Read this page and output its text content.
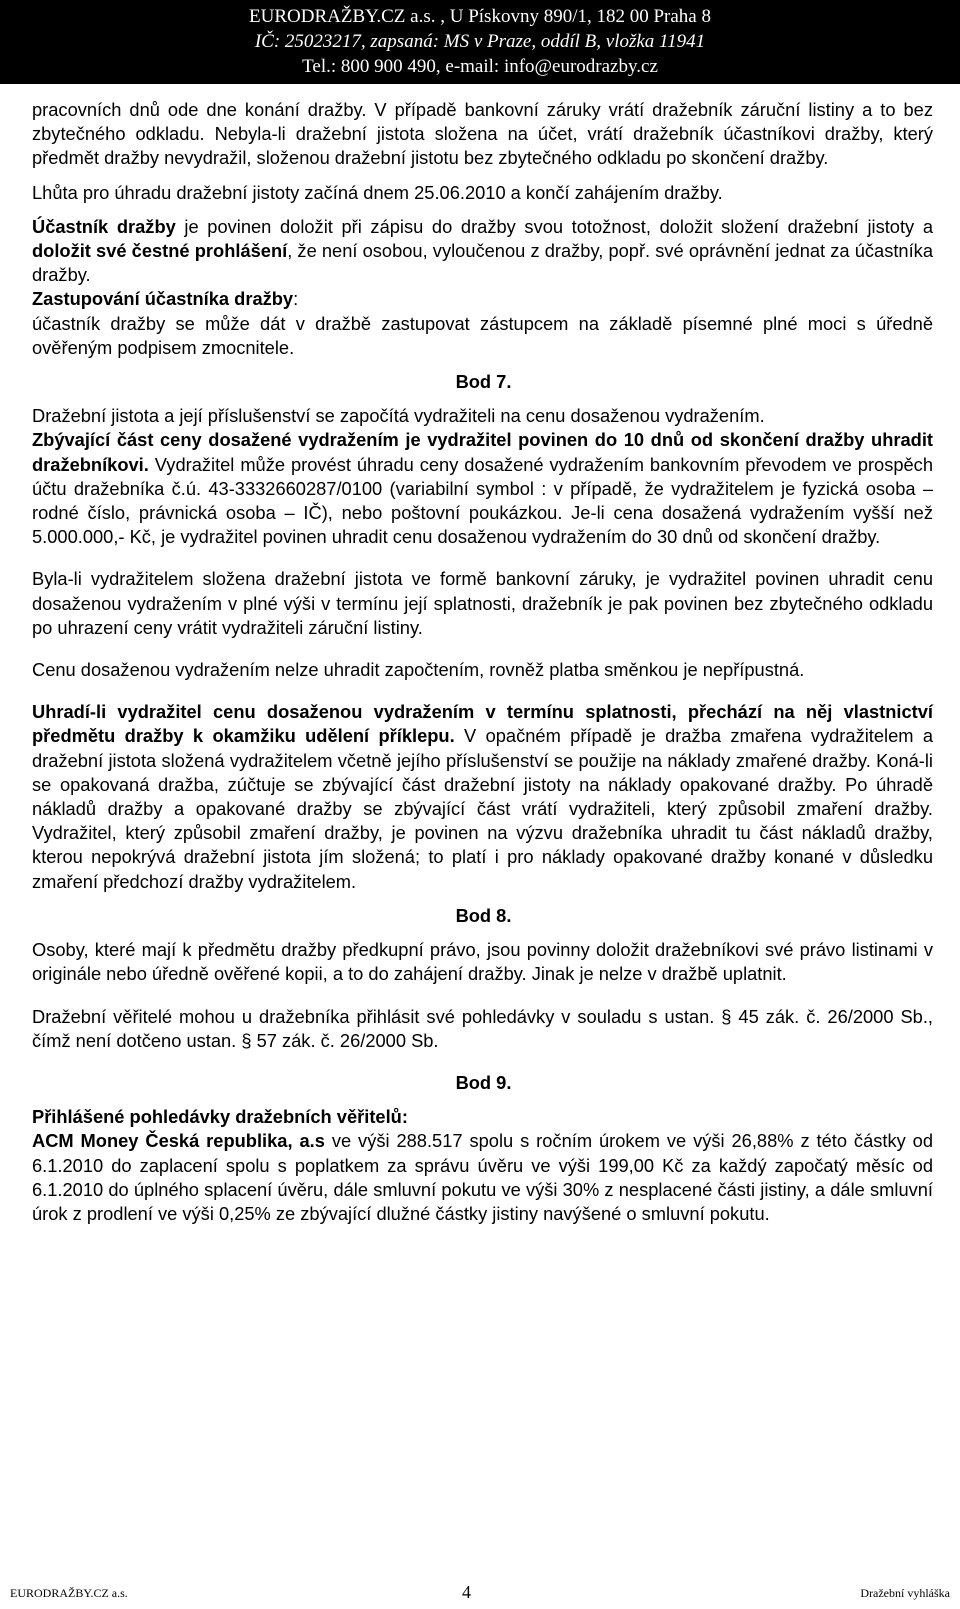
EURODRAŽBY.CZ a.s. , U Pískovny 890/1, 182 00 Praha 8
IČ: 25023217, zapsaná: MS v Praze, oddíl B, vložka 11941
Tel.: 800 900 490, e-mail: info@eurodrazby.cz

pracovních dnů ode dne konání dražby. V případě bankovní záruky vrátí dražebník záruční listiny a to bez zbytečného odkladu. Nebyla-li dražební jistota složena na účet, vrátí dražebník účastníkovi dražby, který předmět dražby nevydražil, složenou dražební jistotu bez zbytečného odkladu po skončení dražby.

Lhůta pro úhradu dražební jistoty začíná dnem 25.06.2010 a končí zahájením dražby.

Účastník dražby je povinen doložit při zápisu do dražby svou totožnost, doložit složení dražební jistoty a doložit své čestné prohlášení, že není osobou, vyloučenou z dražby, popř. své oprávnění jednat za účastníka dražby.

Zastupování účastníka dražby:

účastník dražby se může dát v dražbě zastupovat zástupcem na základě písemné plné moci s úředně ověřeným podpisem zmocnitele.

Bod 7.

Dražební jistota a její příslušenství se započítá vydražiteli na cenu dosaženou vydražením.

Zbývající část ceny dosažené vydražením je vydražitel povinen do 10 dnů od skončení dražby uhradit dražebníkovi. Vydražitel může provést úhradu ceny dosažené vydražením bankovním převodem ve prospěch účtu dražebníka č.ú. 43-3332660287/0100 (variabilní symbol : v případě, že vydražitelem je fyzická osoba – rodné číslo, právnická osoba – IČ), nebo poštovní poukázkou. Je-li cena dosažená vydražením vyšší než 5.000.000,- Kč, je vydražitel povinen uhradit cenu dosaženou vydražením do 30 dnů od skončení dražby.

Byla-li vydražitelem složena dražební jistota ve formě bankovní záruky, je vydražitel povinen uhradit cenu dosaženou vydražením v plné výši v termínu její splatnosti, dražebník je pak povinen bez zbytečného odkladu po uhrazení ceny vrátit vydražiteli záruční listiny.

Cenu dosaženou vydražením nelze uhradit započtením, rovněž platba směnkou je nepřípustná.

Uhradí-li vydražitel cenu dosaženou vydražením v termínu splatnosti, přechází na něj vlastnictví předmětu dražby k okamžiku udělení příklepu. V opačném případě je dražba zmařena vydražitelem a dražební jistota složená vydražitelem včetně jejího příslušenství se použije na náklady zmařené dražby. Koná-li se opakovaná dražba, zúčtuje se zbývající část dražební jistoty na náklady opakované dražby. Po úhradě nákladů dražby a opakované dražby se zbývající část vrátí vydražiteli, který způsobil zmaření dražby. Vydražitel, který způsobil zmaření dražby, je povinen na výzvu dražebníka uhradit tu část nákladů dražby, kterou nepokrývá dražební jistota jím složená; to platí i pro náklady opakované dražby konané v důsledku zmaření předchozí dražby vydražitelem.

Bod 8.

Osoby, které mají k předmětu dražby předkupní právo, jsou povinny doložit dražebníkovi své právo listinami v originále nebo úředně ověřené kopii, a to do zahájení dražby. Jinak je nelze v dražbě uplatnit.

Dražební věřitelé mohou u dražebníka přihlásit své pohledávky v souladu s ustan. § 45 zák. č. 26/2000 Sb., čímž není dotčeno ustan. § 57 zák. č. 26/2000 Sb.

Bod 9.

Přihlášené pohledávky dražebních věřitelů:

ACM Money Česká republika, a.s ve výši 288.517 spolu s ročním úrokem ve výši 26,88% z této částky od 6.1.2010 do zaplacení spolu s poplatkem za správu úvěru ve výši 199,00 Kč za každý započatý měsíc od 6.1.2010 do úplného splacení úvěru, dále smluvní pokutu ve výši 30% z nesplacené části jistiny, a dále smluvní úrok z prodlení ve výši 0,25% ze zbývající dlužné částky jistiny navýšené o smluvní pokutu.

EURODRAŽBY.CZ a.s.	4	Dražební vyhláška
